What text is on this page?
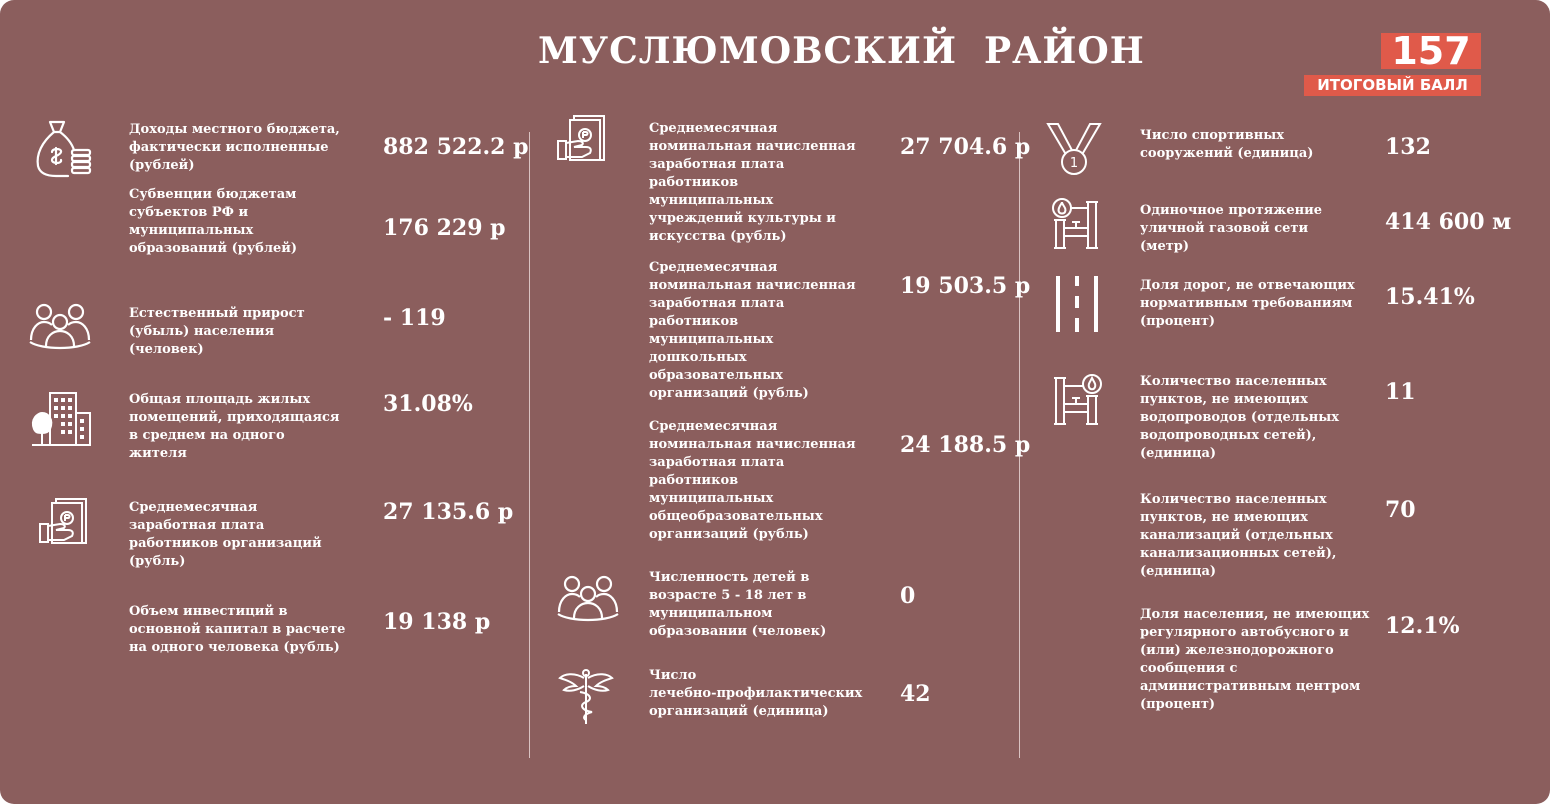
МУСЛЮМОВСКИЙ  РАЙОН	157
ИТОГОВЫЙ БАЛЛ
Доходы местного бюджета,
фактически исполненные
(рублей)
882 522.2 р
Субвенции бюджетам
субъектов РФ и
муниципальных
образований (рублей)
176 229 р
Естественный прирост
(убыль) населения
(человек)
- 119
Общая площадь жилых
помещений, приходящаяся
в среднем на одного
жителя
31.08%
Среднемесячная
заработная плата
работников организаций
(рубль)
27 135.6 р
Объем инвестиций в
основной капитал в расчете
на одного человека (рубль)
19 138 р
Среднемесячная
номинальная начисленная
заработная плата
работников
муниципальных
учреждений культуры и
искусства (рубль)
27 704.6 р
Среднемесячная
номинальная начисленная
заработная плата
работников
муниципальных
дошкольных
образовательных
организаций (рубль)
19 503.5 р
Среднемесячная
номинальная начисленная
заработная плата
работников
муниципальных
общеобразовательных
организаций (рубль)
24 188.5 р
Численность детей в
возрасте 5 - 18 лет в
муниципальном
образовании (человек)
0
Число
лечебно-профилактических
организаций (единица)
42
1
Число спортивных
сооружений (единица)	132
Одиночное протяжение
уличной газовой сети
(метр)
414 600 м
Доля дорог, не отвечающих
нормативным требованиям
(процент)
15.41%
Количество населенных
пунктов, не имеющих
водопроводов (отдельных
водопроводных сетей),
(единица)
11
Количество населенных
пунктов, не имеющих
канализаций (отдельных
канализационных сетей),
(единица)
70
Доля населения, не имеющих
регулярного автобусного и
(или) железнодорожного
сообщения с
административным центром
(процент)
12.1%
